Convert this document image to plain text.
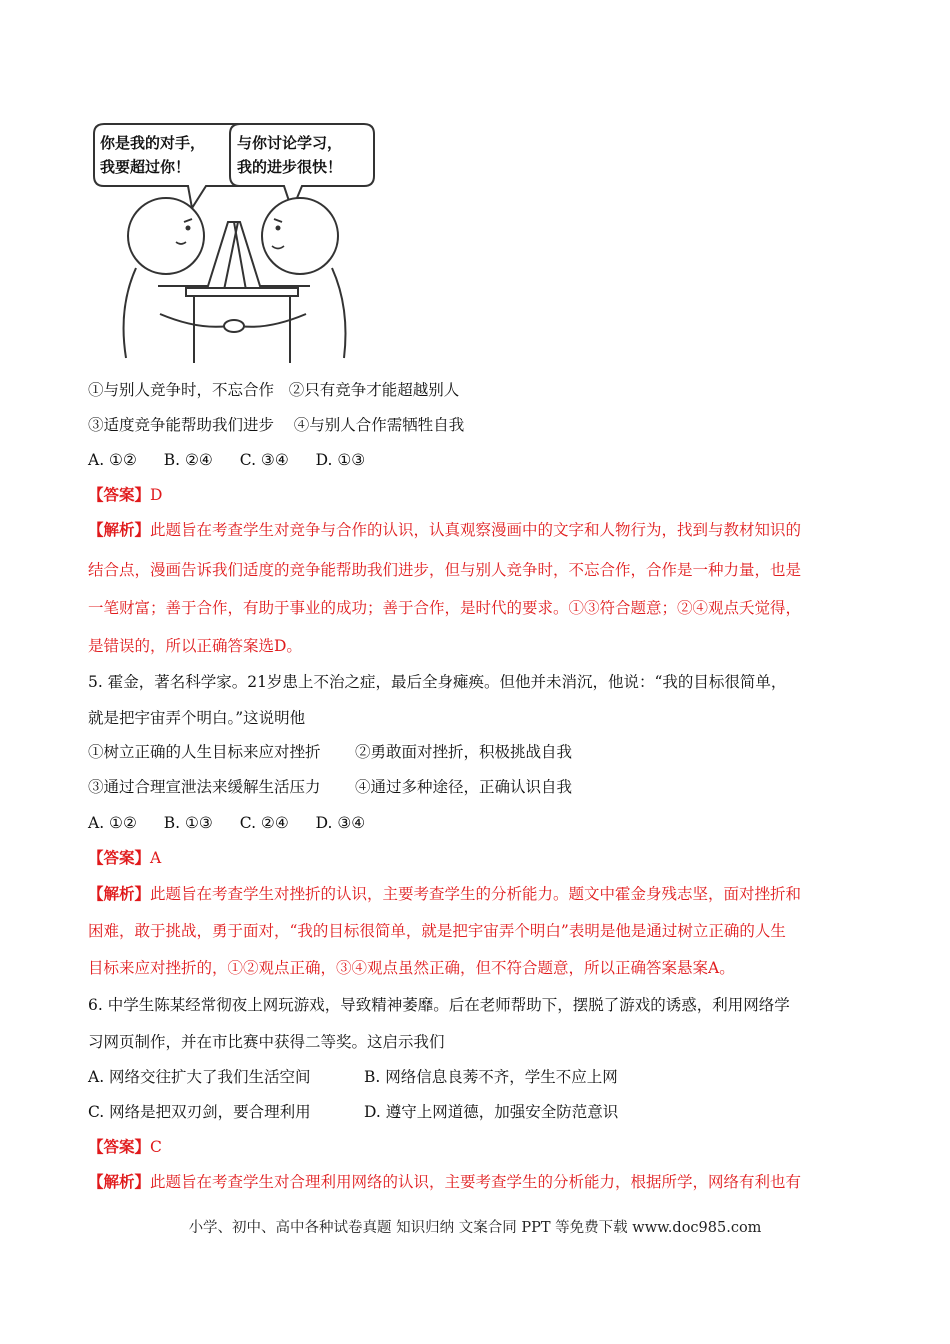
你是我的对手，
我要超过你！
与你讨论学习，
我的进步很快！
①与别人竞争时，不忘合作 ②只有竞争才能超越别人
③适度竞争能帮助我们进步 ④与别人合作需牺牲自我
A. ①② B. ②④ C. ③④ D. ①③
【答案】D
【解析】此题旨在考查学生对竞争与合作的认识，认真观察漫画中的文字和人物行为，找到与教材知识的
结合点，漫画告诉我们适度的竞争能帮助我们进步，但与别人竞争时，不忘合作，合作是一种力量，也是
一笔财富；善于合作，有助于事业的成功；善于合作，是时代的要求。①③符合题意；②④观点夭觉得，
是错误的，所以正确答案选D。
5. 霍金，著名科学家。21岁患上不治之症，最后全身瘫痪。但他并未消沉，他说：“我的目标很简单，
就是把宇宙弄个明白。”这说明他
①树立正确的人生目标来应对挫折 ②勇敢面对挫折，积极挑战自我
③通过合理宣泄法来缓解生活压力 ④通过多种途径，正确认识自我
A. ①② B. ①③ C. ②④ D. ③④
【答案】A
【解析】此题旨在考查学生对挫折的认识，主要考查学生的分析能力。题文中霍金身残志坚，面对挫折和
困难，敢于挑战，勇于面对，“我的目标很简单，就是把宇宙弄个明白”表明是他是通过树立正确的人生
目标来应对挫折的，①②观点正确，③④观点虽然正确，但不符合题意，所以正确答案悬案A。
6. 中学生陈某经常彻夜上网玩游戏，导致精神萎靡。后在老师帮助下，摆脱了游戏的诱惑，利用网络学
习网页制作，并在市比赛中获得二等奖。这启示我们
A. 网络交往扩大了我们生活空间	B. 网络信息良莠不齐，学生不应上网
C. 网络是把双刃剑，要合理利用	D. 遵守上网道德，加强安全防范意识
【答案】C
【解析】此题旨在考查学生对合理利用网络的认识，主要考查学生的分析能力，根据所学，网络有利也有
小学、初中、高中各种试卷真题 知识归纳 文案合同 PPT 等免费下载 www.doc985.com
